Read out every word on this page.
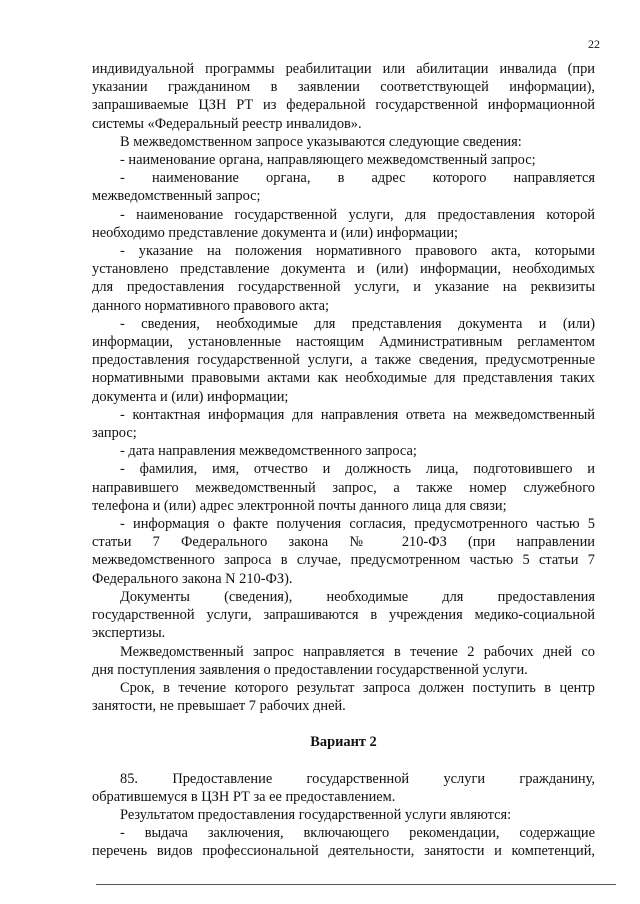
22

индивидуальной программы реабилитации или абилитации инвалида (при

указании гражданином в заявлении соответствующей информации),

запрашиваемые ЦЗН РТ из федеральной государственной информационной

системы «Федеральный реестр инвалидов».

В межведомственном запросе указываются следующие сведения:

- наименование органа, направляющего межведомственный запрос;

- наименование органа, в адрес которого направляется

межведомственный запрос;

- наименование государственной услуги, для предоставления которой

необходимо представление документа и (или) информации;

- указание на положения нормативного правового акта, которыми

установлено представление документа и (или) информации, необходимых

для предоставления государственной услуги, и указание на реквизиты

данного нормативного правового акта;

- сведения, необходимые для представления документа и (или)

информации, установленные настоящим Административным регламентом

предоставления государственной услуги, а также сведения, предусмотренные

нормативными правовыми актами как необходимые для представления таких

документа и (или) информации;

- контактная информация для направления ответа на межведомственный

запрос;

- дата направления межведомственного запроса;

- фамилия, имя, отчество и должность лица, подготовившего и

направившего межведомственный запрос, а также номер служебного

телефона и (или) адрес электронной почты данного лица для связи;

- информация о факте получения согласия, предусмотренного частью 5

статьи 7 Федерального закона № 210-ФЗ (при направлении

межведомственного запроса в случае, предусмотренном частью 5 статьи 7

Федерального закона N 210-ФЗ).

Документы (сведения), необходимые для предоставления

государственной услуги, запрашиваются в учреждения медико-социальной

экспертизы.

Межведомственный запрос направляется в течение 2 рабочих дней со

дня поступления заявления о предоставлении государственной услуги.

Срок, в течение которого результат запроса должен поступить в центр

занятости, не превышает 7 рабочих дней.

Вариант 2

85. Предоставление государственной услуги гражданину,

обратившемуся в ЦЗН РТ за ее предоставлением.

Результатом предоставления государственной услуги являются:

- выдача заключения, включающего рекомендации, содержащие

перечень видов профессиональной деятельности, занятости и компетенций,
